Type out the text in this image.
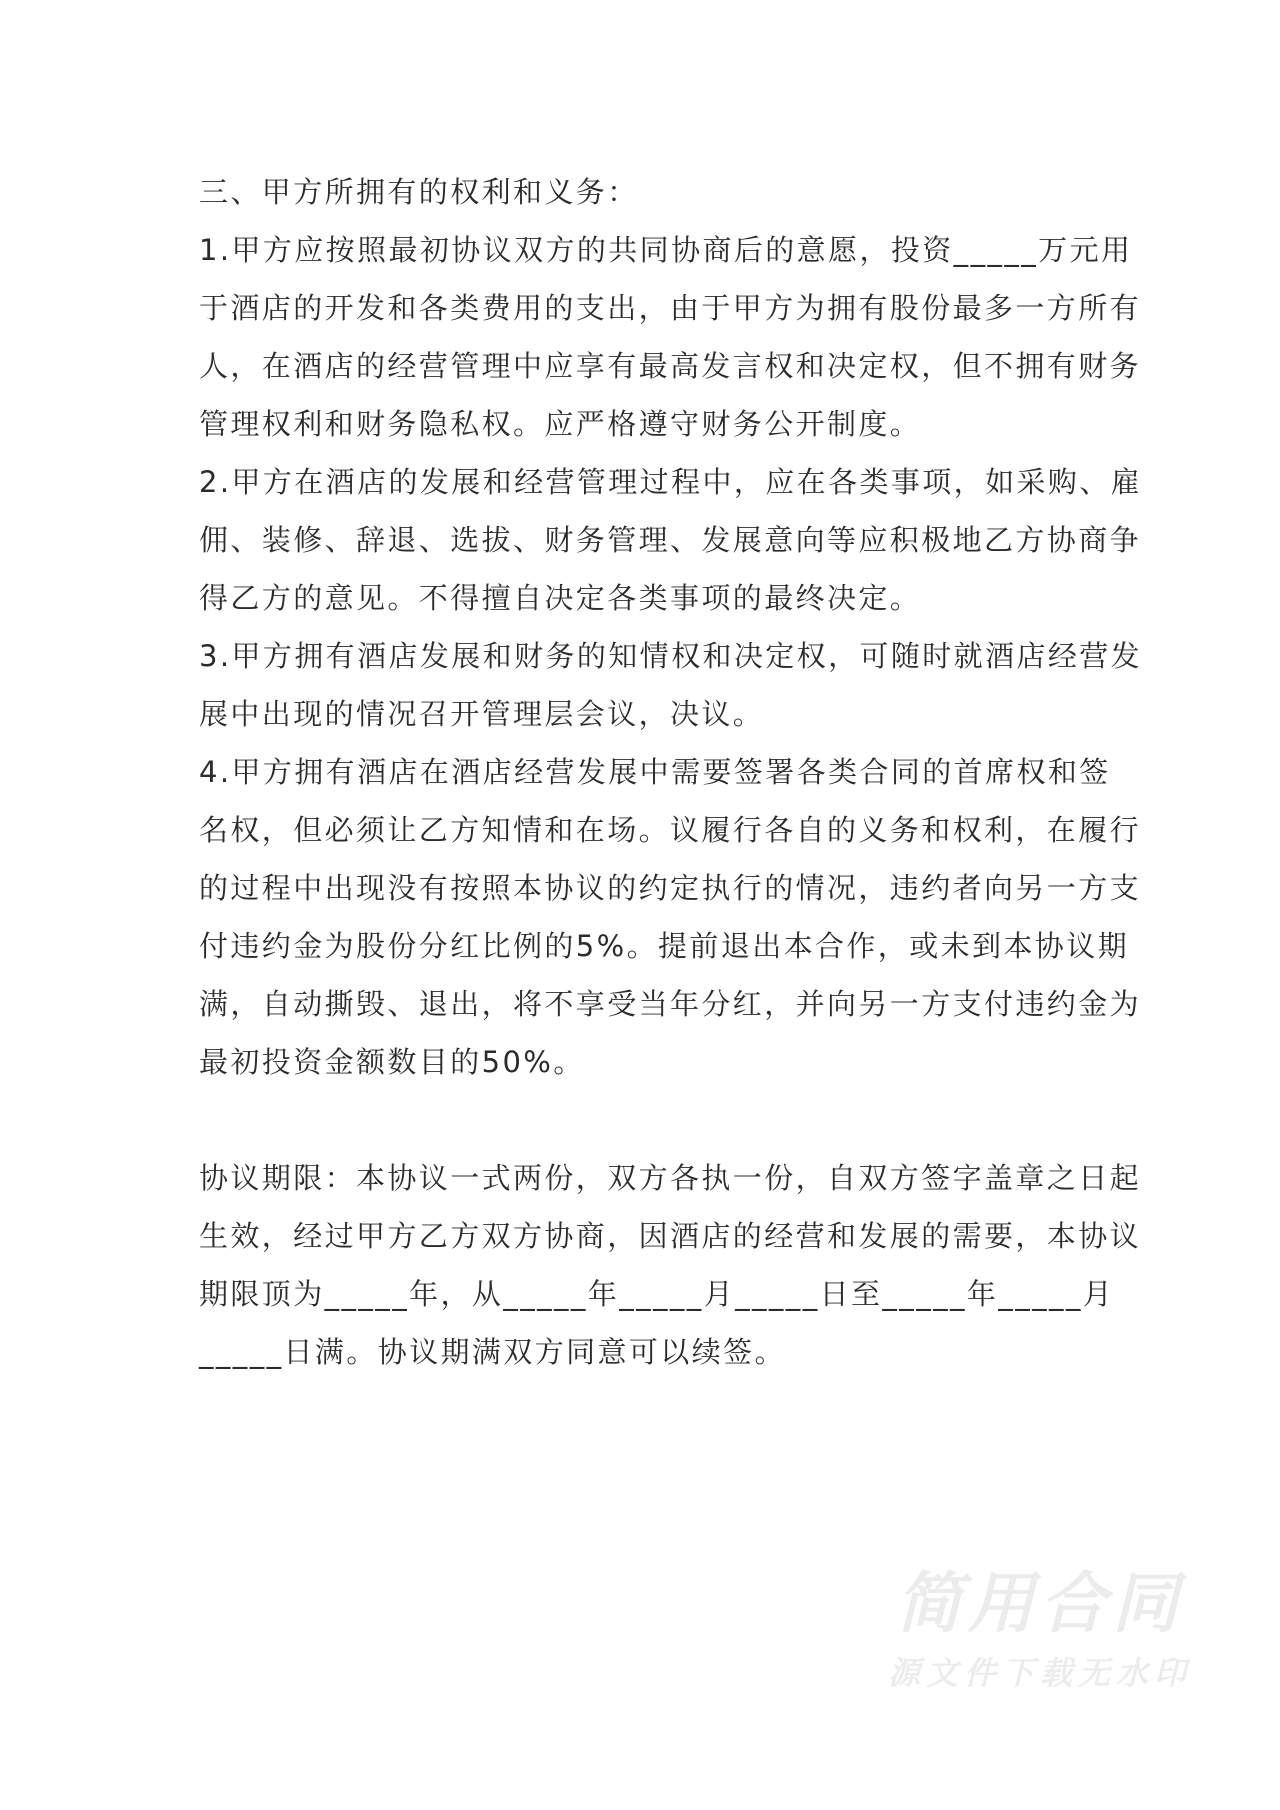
三、甲方所拥有的权利和义务：
1.甲方应按照最初协议双方的共同协商后的意愿，投资_____万元用
于酒店的开发和各类费用的支出，由于甲方为拥有股份最多一方所有
人，在酒店的经营管理中应享有最高发言权和决定权，但不拥有财务
管理权利和财务隐私权。应严格遵守财务公开制度。
2.甲方在酒店的发展和经营管理过程中，应在各类事项，如采购、雇
佣、装修、辞退、选拔、财务管理、发展意向等应积极地乙方协商争
得乙方的意见。不得擅自决定各类事项的最终决定。
3.甲方拥有酒店发展和财务的知情权和决定权，可随时就酒店经营发
展中出现的情况召开管理层会议，决议。
4.甲方拥有酒店在酒店经营发展中需要签署各类合同的首席权和签
名权，但必须让乙方知情和在场。议履行各自的义务和权利，在履行
的过程中出现没有按照本协议的约定执行的情况，违约者向另一方支
付违约金为股份分红比例的5%。提前退出本合作，或未到本协议期
满，自动撕毁、退出，将不享受当年分红，并向另一方支付违约金为
最初投资金额数目的50%。
协议期限：本协议一式两份，双方各执一份，自双方签字盖章之日起
生效，经过甲方乙方双方协商，因酒店的经营和发展的需要，本协议
期限顶为_____年，从_____年_____月_____日至_____年_____月
_____日满。协议期满双方同意可以续签。
简用合同
源文件下载无水印
